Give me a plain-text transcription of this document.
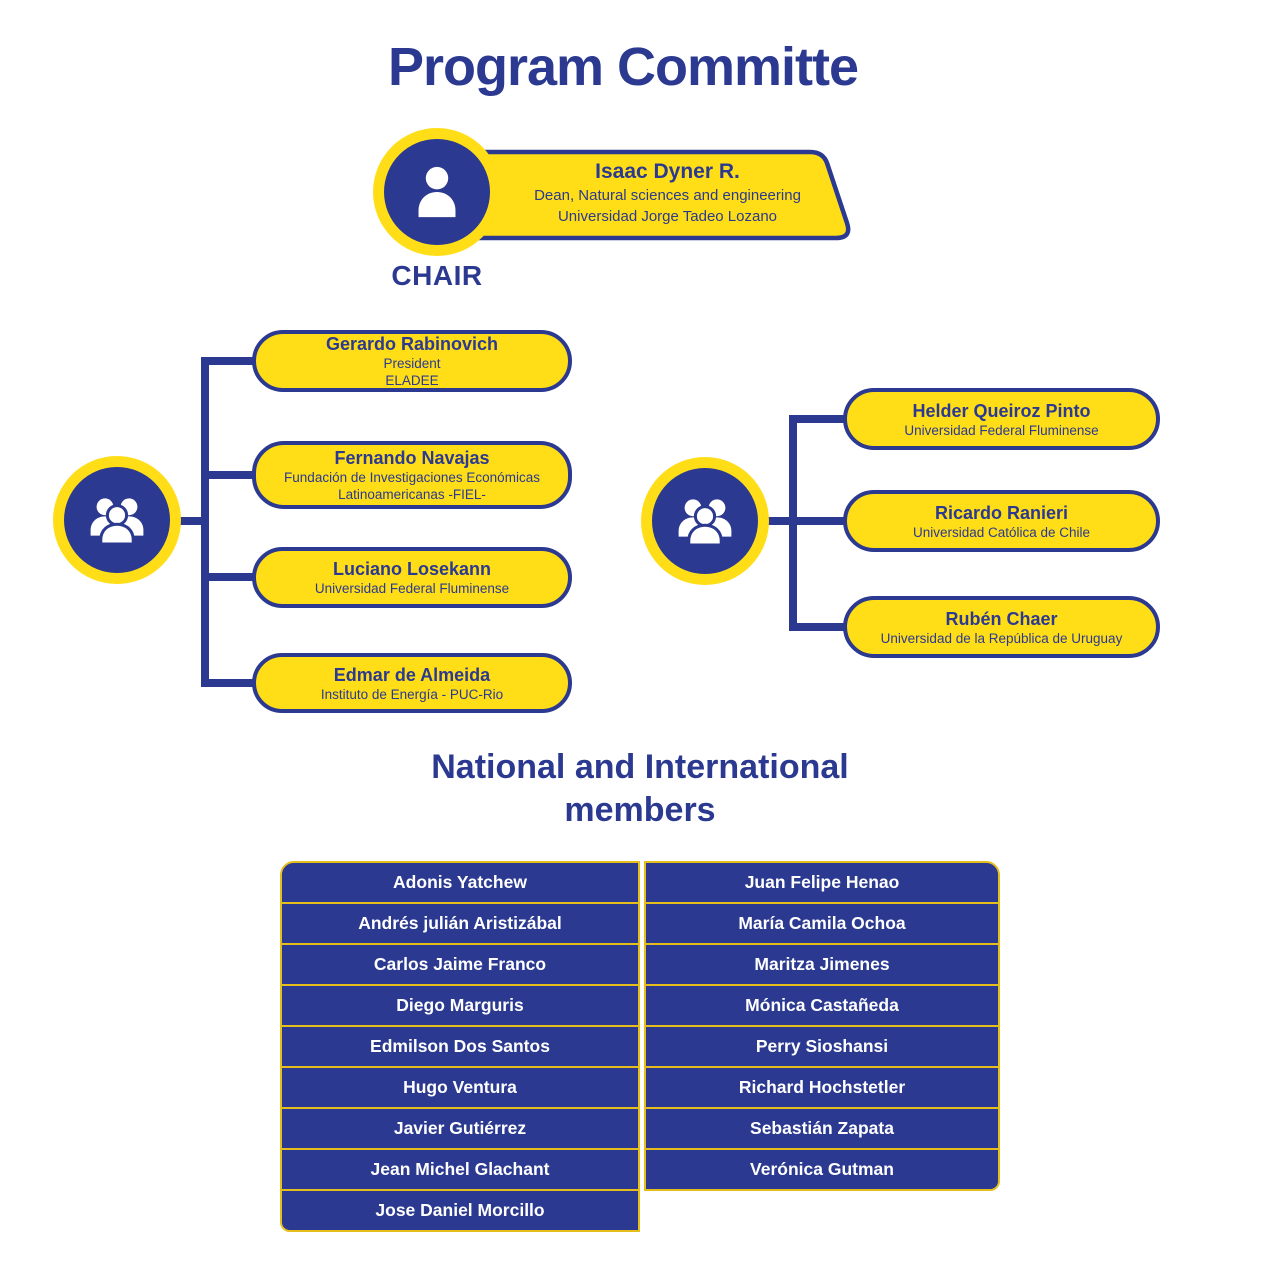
Program Committe
Isaac Dyner R.
Dean, Natural sciences and engineering
Universidad Jorge Tadeo Lozano
CHAIR
Gerardo Rabinovich
President
ELADEE
Fernando Navajas
Fundación de Investigaciones Económicas
Latinoamericanas -FIEL-
Luciano Losekann
Universidad Federal Fluminense
Edmar de Almeida
Instituto de Energía - PUC-Rio
Helder Queiroz Pinto
Universidad Federal Fluminense
Ricardo Ranieri
Universidad Católica de Chile
Rubén Chaer
Universidad de la República de Uruguay
National and International
members
Adonis Yatchew
Andrés julián Aristizábal
Carlos Jaime Franco
Diego Marguris
Edmilson Dos Santos
Hugo Ventura
Javier Gutiérrez
Jean Michel Glachant
Jose Daniel Morcillo
Juan Felipe Henao
María Camila Ochoa
Maritza Jimenes
Mónica Castañeda
Perry Sioshansi
Richard Hochstetler
Sebastián Zapata
Verónica Gutman
